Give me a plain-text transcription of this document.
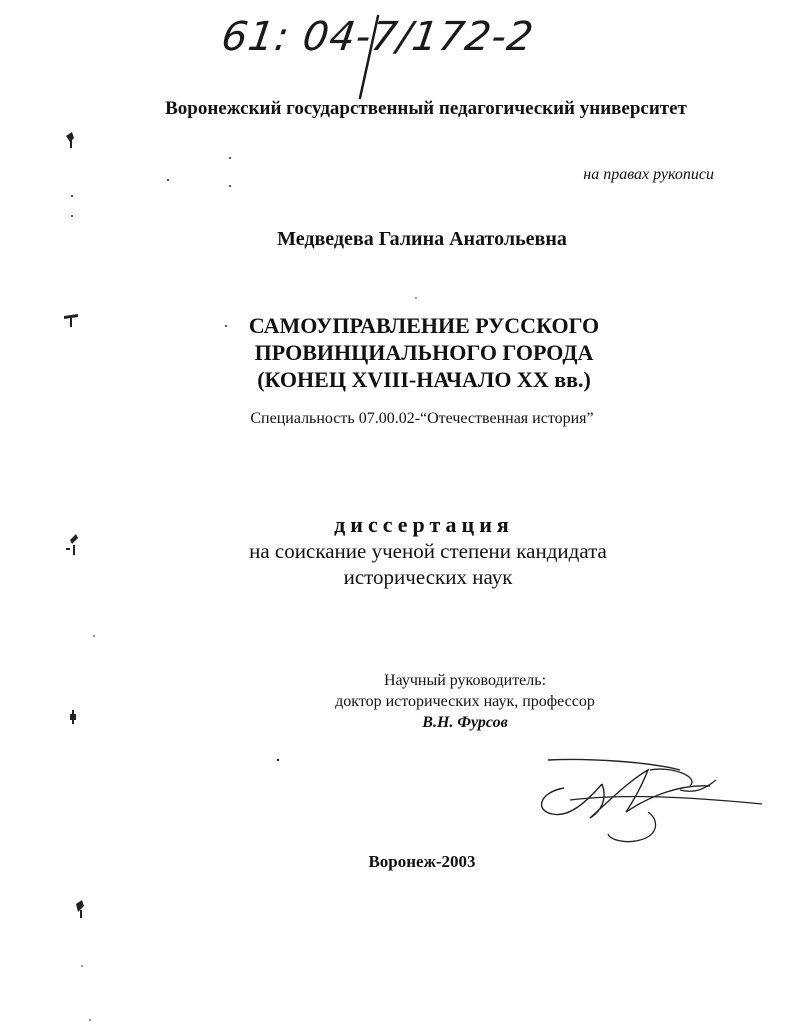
61: 04-7/172-2
Воронежский государственный педагогический университет
на правах рукописи
Медведева Галина Анатольевна
САМОУПРАВЛЕНИЕ РУССКОГО
ПРОВИНЦИАЛЬНОГО ГОРОДА
(КОНЕЦ XVIII-НАЧАЛО XX вв.)
Специальность 07.00.02-“Отечественная история”
диссертация
на соискание ученой степени кандидата
исторических наук
Научный руководитель:
доктор исторических наук, профессор
В.Н. Фурсов
Воронеж-2003
